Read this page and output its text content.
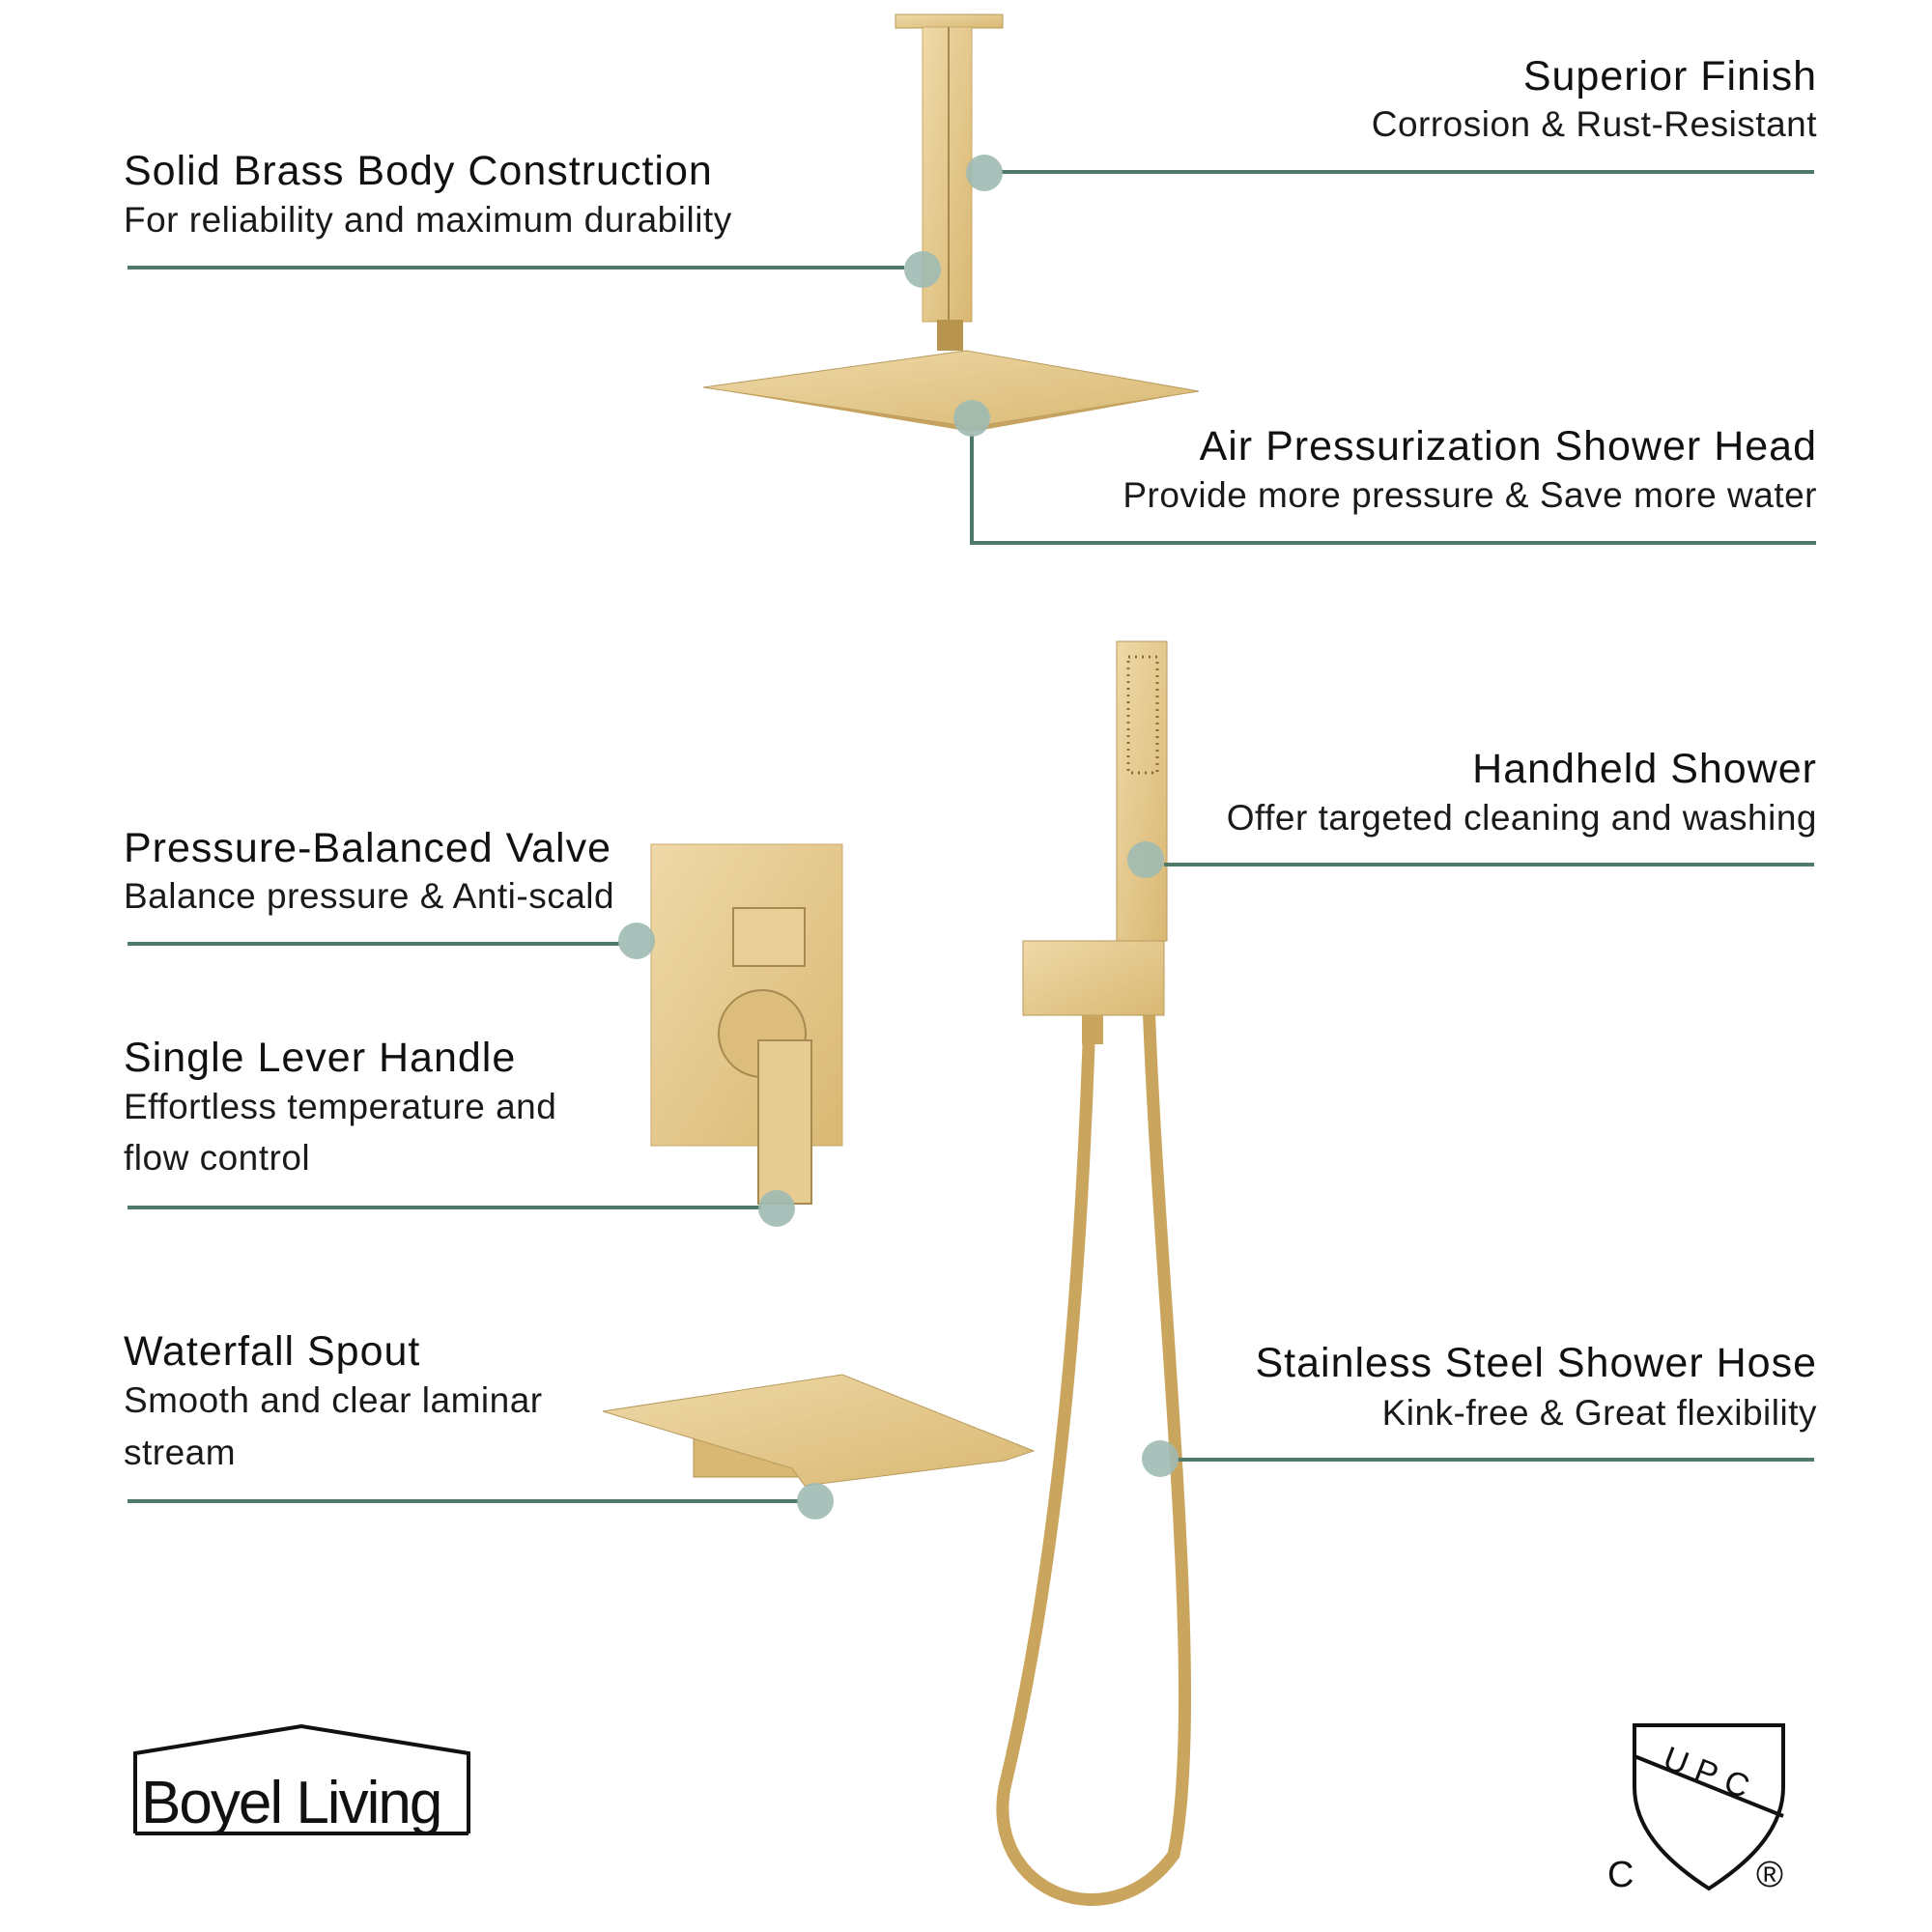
Superior Finish
Corrosion & Rust-Resistant
Solid Brass Body Construction
For reliability and maximum durability
Air Pressurization Shower Head
Provide more pressure & Save more water
Handheld Shower
Offer targeted cleaning and washing
Pressure-Balanced Valve
Balance pressure & Anti-scald
Single Lever Handle
Effortless temperature and
flow control
Waterfall Spout
Smooth and clear laminar
stream
Stainless Steel Shower Hose
Kink-free & Great flexibility
Boyel Living	UPC
C	®
